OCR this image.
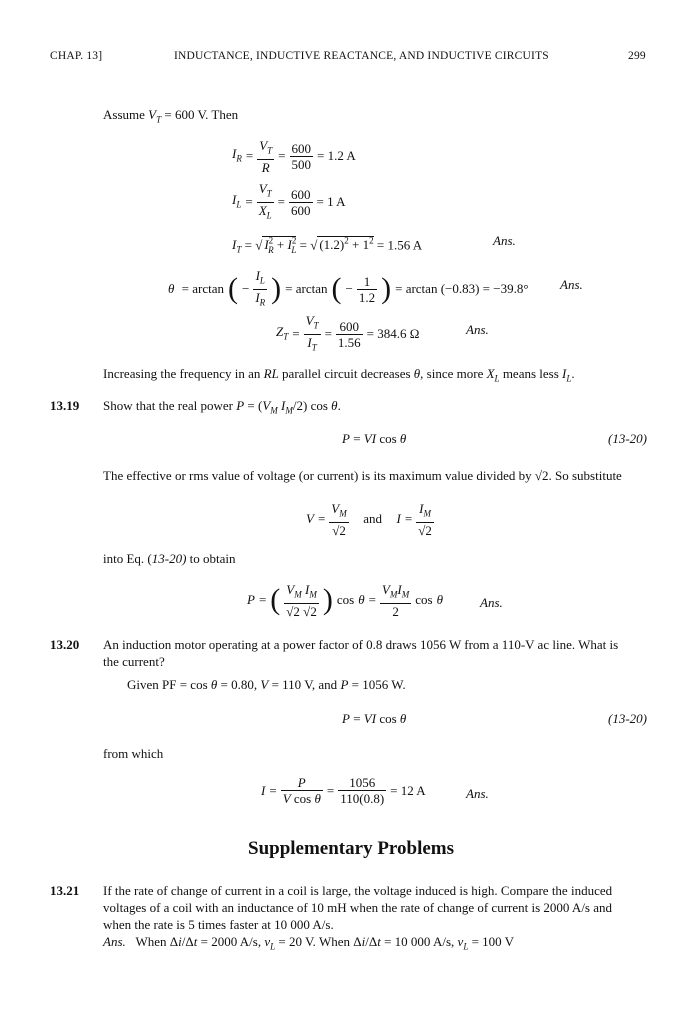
CHAP. 13]	INDUCTANCE, INDUCTIVE REACTANCE, AND INDUCTIVE CIRCUITS	299
Assume $V_T = 600$ V. Then
$I_R = \frac{V_T}{R} = \frac{600}{500} = 1.2$ A
$I_L = \frac{V_T}{X_L} = \frac{600}{600} = 1$ A
$I_T$ = √ $I^2_R + I^2_L$ = √ $(1.2)^2 + 1^2 = 1.56$ A	Ans.
θ = arctan ( − $\frac{I_L}{I_R}$ ) = arctan ( − $\frac{1}{1.2}$ ) = arctan (−0.83) = −39.8° Ans.
$Z_T = \frac{V_T}{I_T} = \frac{600}{1.56} = 384.6$ Ω	Ans.
Increasing the frequency in an RL parallel circuit decreases θ, since more $X_L$ means less $I_L$.
13.19 Show that the real power $P = (V_M$ $I_M/2$) cos θ.
P = VI cos θ	(13-20)
The effective or rms value of voltage (or current) is its maximum value divided by √2. So substitute
$V = \frac{V_M}{√2}$
and
$I = \frac{I_M}{√2}$
into Eq. (13-20) to obtain
P = ( $\frac{V_M I_M}{√2 √2}$ ) $\cos \theta = \frac{V_MI_M}{2}$ cos θ	Ans.
13.20 An induction motor operating at a power factor of 0.8 draws 1056 W from a 110-V ac line. What is
the current?
Given PF = cos θ = 0.80, V = 110 V, and P = 1056 W.
P = VI cos θ	(13-20)
from which
$I = \frac{P}{\text{V cos θ}} = \frac{1056}{110(0.8)} = 12$ A	Ans.
Supplementary Problems
13.21 If the rate of change of current in a coil is large, the voltage induced is high. Compare the induced
voltages of a coil with an inductance of 10 mH when the rate of change of current is 2000 A/s and
when the rate is 5 times faster at 10 000 A/s.
Ans.   When Δi/Δt = 2000 A/s, $v_L = 20$ V. When Δi/Δt = 10 000 A/s, $v_L = 100$ V
